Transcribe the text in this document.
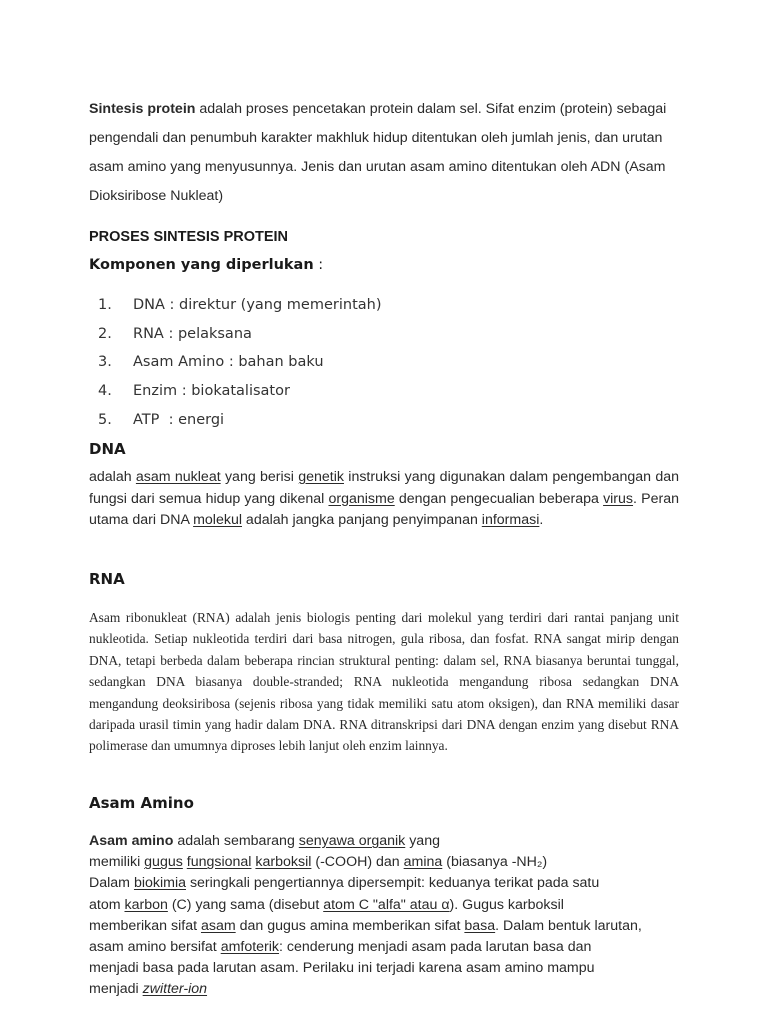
Sintesis protein adalah proses pencetakan protein dalam sel. Sifat enzim (protein) sebagai pengendali dan penumbuh karakter makhluk hidup ditentukan oleh jumlah jenis, dan urutan asam amino yang menyusunnya. Jenis dan urutan asam amino ditentukan oleh ADN (Asam Dioksiribose Nukleat)
PROSES SINTESIS PROTEIN
Komponen yang diperlukan :
1.	DNA : direktur (yang memerintah)
2.	RNA : pelaksana
3.	Asam Amino : bahan baku
4.	Enzim : biokatalisator
5.	ATP  : energi
DNA
adalah asam nukleat yang berisi genetik instruksi yang digunakan dalam pengembangan dan fungsi dari semua hidup yang dikenal organisme dengan pengecualian beberapa virus. Peran utama dari DNA molekul adalah jangka panjang penyimpanan informasi.
RNA
Asam ribonukleat (RNA) adalah jenis biologis penting dari molekul yang terdiri dari rantai panjang unit nukleotida. Setiap nukleotida terdiri dari basa nitrogen, gula ribosa, dan fosfat. RNA sangat mirip dengan DNA, tetapi berbeda dalam beberapa rincian struktural penting: dalam sel, RNA biasanya beruntai tunggal, sedangkan DNA biasanya double-stranded; RNA nukleotida mengandung ribosa sedangkan DNA mengandung deoksiribosa (sejenis ribosa yang tidak memiliki satu atom oksigen), dan RNA memiliki dasar daripada urasil timin yang hadir dalam DNA. RNA ditranskripsi dari DNA dengan enzim yang disebut RNA polimerase dan umumnya diproses lebih lanjut oleh enzim lainnya.
Asam Amino
Asam amino adalah sembarang senyawa organik yang
memiliki gugus fungsional karboksil (-COOH) dan amina (biasanya -NH₂)
Dalam biokimia seringkali pengertiannya dipersempit: keduanya terikat pada satu
atom karbon (C) yang sama (disebut atom C "alfa" atau α). Gugus karboksil
memberikan sifat asam dan gugus amina memberikan sifat basa. Dalam bentuk larutan,
asam amino bersifat amfoterik: cenderung menjadi asam pada larutan basa dan
menjadi basa pada larutan asam. Perilaku ini terjadi karena asam amino mampu
menjadi zwitter-ion
